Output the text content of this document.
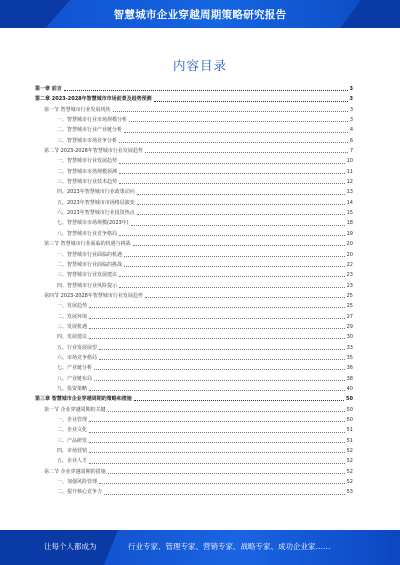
智慧城市企业穿越周期策略研究报告
内容目录
第一章 前言	3
第二章 2023-2028年智慧城市市场前景及趋势预测	3
第一节 智慧城市行业发展现状	3
一、智慧城市行业市场规模分析	3
二、智慧城市行业产业链分析	4
三、智慧城市市场竞争分析	6
第二节 2023-2028年智慧城市行业发展趋势	7
一、智慧城市行业发展趋势	10
二、智慧城市市场规模预测	11
三、智慧城市行业技术趋势	12
四、2023年智慧城市行业政策动向	13
五、2023年智慧城市市场格局演变	14
六、2023年智慧城市行业投资热点	15
七、智慧城市市场规模(2023年)	18
八、智慧城市行业竞争格局	19
第三节 智慧城市行业面临的机遇与挑战	20
一、智慧城市行业面临的机遇	20
二、智慧城市行业面临的挑战	22
三、智慧城市行业发展建议	23
四、智慧城市行业风险提示	23
第四节 2023-2028年智慧城市行业发展趋势	25
一、发展趋势	25
二、发展环境	27
三、发展机遇	29
四、发展建议	30
五、行业发展展望	33
六、市场竞争格局	35
七、产业链分析	36
八、产业链布局	38
九、投资策略	40
第三章 智慧城市企业穿越周期的策略和措施	50
第一节 企业穿越周期的关键	50
一、企业管理	50
二、企业文化	51
三、产品研发	51
四、市场营销	52
五、企业人才	52
第二节 企业穿越周期的措施	52
一、加强风险管理	52
二、提升核心竞争力	53
让每个人都成为	行业专家、管理专家、营销专家、战略专家、成功企业家……
